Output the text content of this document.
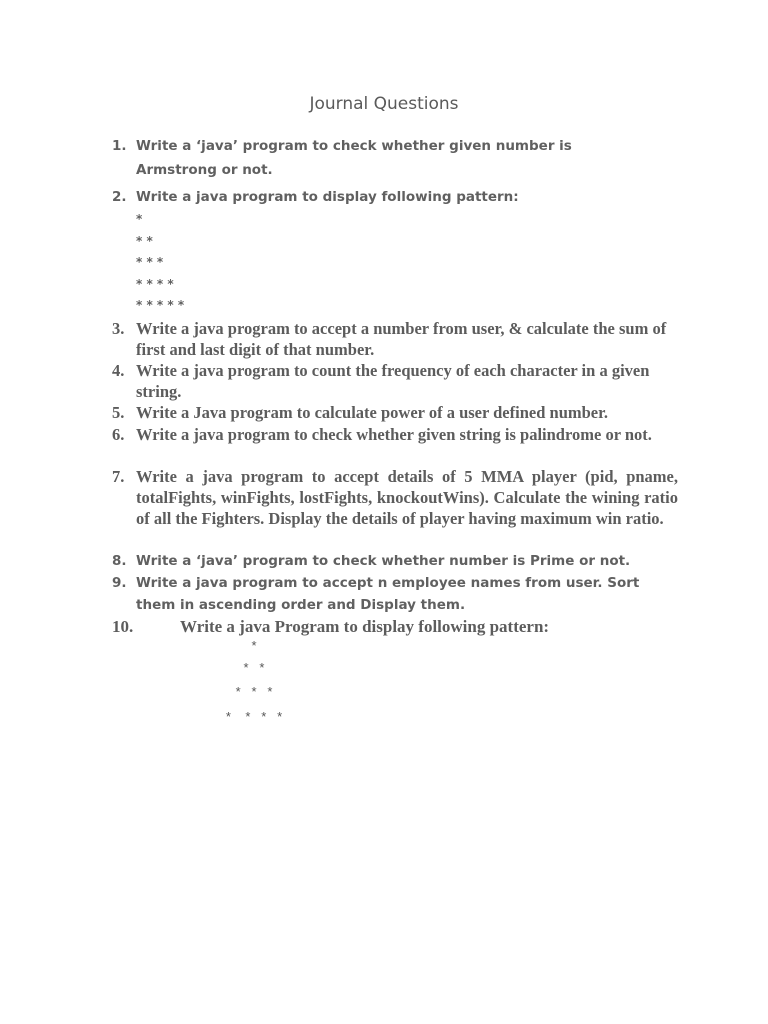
Journal Questions
1. Write a ‘java’ program to check whether given number is Armstrong or not.
2. Write a java program to display following pattern:
*
* *
* * *
* * * *
* * * * *
3. Write a java program to accept a number from user, & calculate the sum of first and last digit of that number.
4. Write a java program to count the frequency of each character in a given string.
5. Write a Java program to calculate power of a user defined number.
6. Write a java program to check whether given string is palindrome or not.
7. Write a java program to accept details of 5 MMA player (pid, pname, totalFights, winFights, lostFights, knockoutWins). Calculate the wining ratio of all the Fighters. Display the details of player having maximum win ratio.
8. Write a ‘java’ program to check whether number is Prime or not.
9. Write a java program to accept n employee names from user. Sort them in ascending order and Display them.
10.	Write a java Program to display following pattern:
*
*   *
*   *   *
*    *   *   *
